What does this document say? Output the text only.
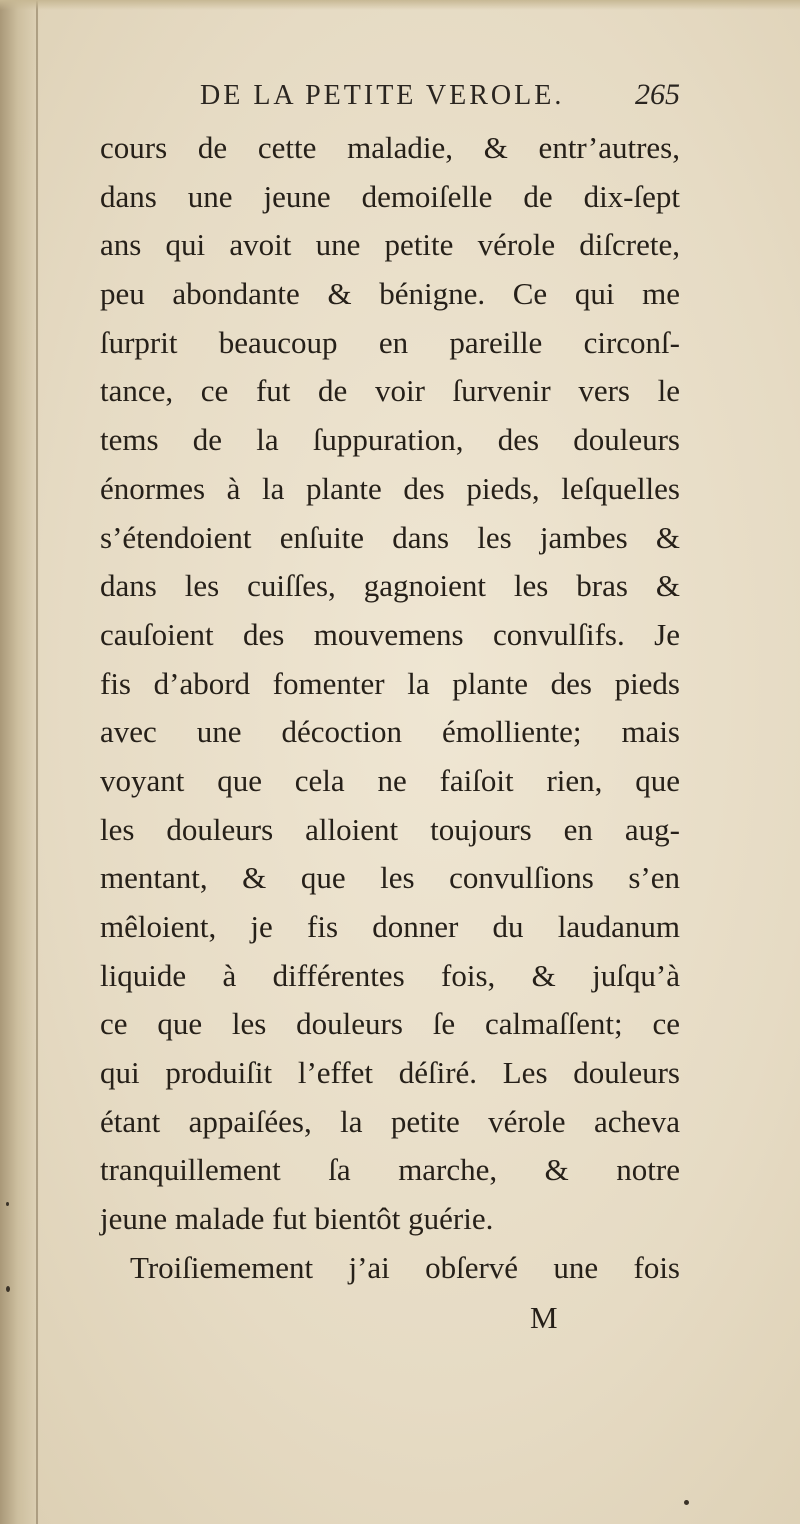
DE LA PETITE VEROLE. 265
cours de cette maladie, & entr’autres,
dans une jeune demoiſelle de dix-ſept
ans qui avoit une petite vérole diſcrete,
peu abondante & bénigne. Ce qui me
ſurprit beaucoup en pareille circonſ-
tance, ce fut de voir ſurvenir vers le
tems de la ſuppuration, des douleurs
énormes à la plante des pieds, leſquelles
s’étendoient enſuite dans les jambes &
dans les cuiſſes, gagnoient les bras &
cauſoient des mouvemens convulſifs. Je
fis d’abord fomenter la plante des pieds
avec une décoction émolliente; mais
voyant que cela ne faiſoit rien, que
les douleurs alloient toujours en aug-
mentant, & que les convulſions s’en
mêloient, je fis donner du laudanum
liquide à différentes fois, & juſqu’à
ce que les douleurs ſe calmaſſent; ce
qui produiſit l’effet déſiré. Les douleurs
étant appaiſées, la petite vérole acheva
tranquillement ſa marche, & notre
jeune malade fut bientôt guérie.
Troiſiemement j’ai obſervé une fois
M
